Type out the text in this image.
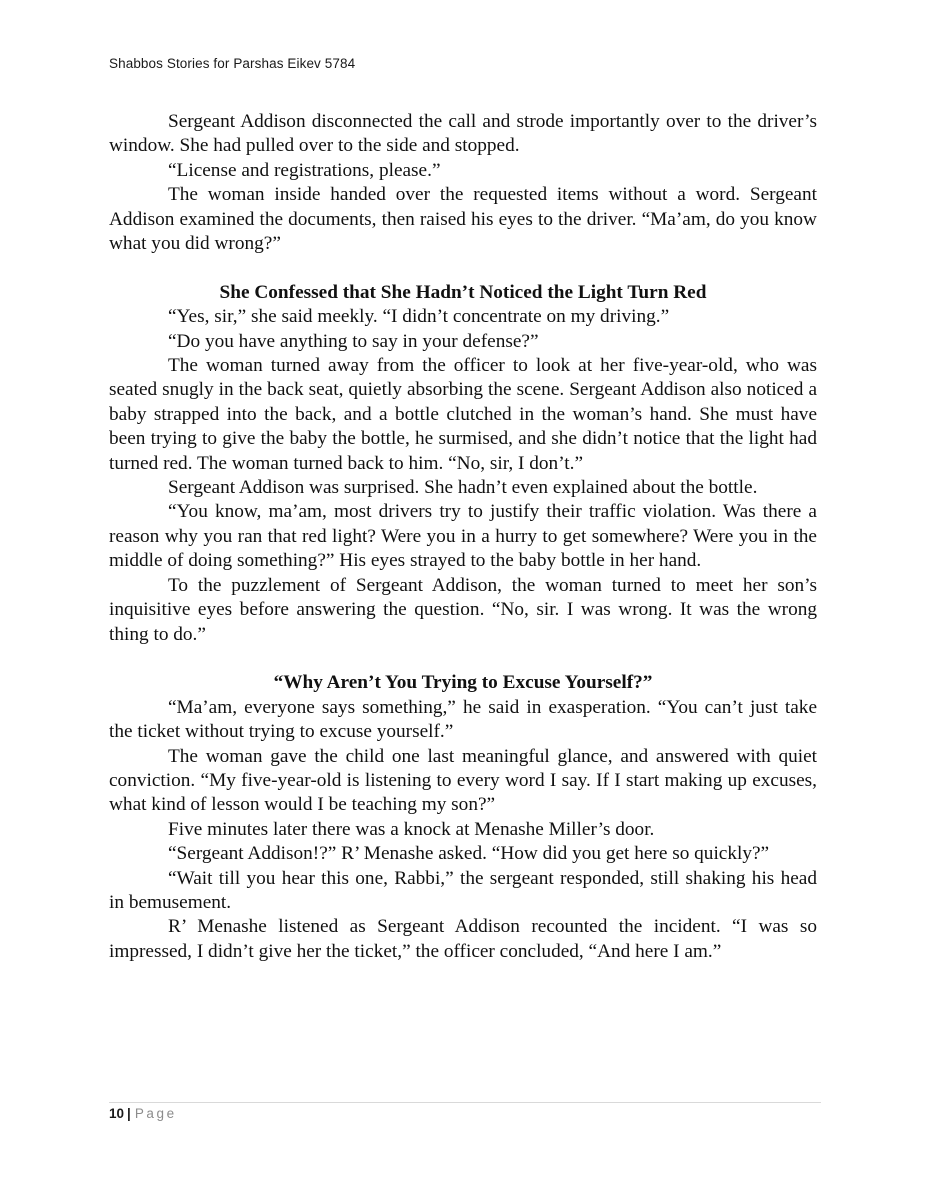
Shabbos Stories for Parshas Eikev 5784

Sergeant Addison disconnected the call and strode importantly over to the driver’s window. She had pulled over to the side and stopped.

“License and registrations, please.”

The woman inside handed over the requested items without a word. Sergeant Addison examined the documents, then raised his eyes to the driver. “Ma’am, do you know what you did wrong?”

She Confessed that She Hadn’t Noticed the Light Turn Red

“Yes, sir,” she said meekly. “I didn’t concentrate on my driving.”

“Do you have anything to say in your defense?”

The woman turned away from the officer to look at her five-year-old, who was seated snugly in the back seat, quietly absorbing the scene. Sergeant Addison also noticed a baby strapped into the back, and a bottle clutched in the woman’s hand. She must have been trying to give the baby the bottle, he surmised, and she didn’t notice that the light had turned red. The woman turned back to him. “No, sir, I don’t.”

Sergeant Addison was surprised. She hadn’t even explained about the bottle.

“You know, ma’am, most drivers try to justify their traffic violation. Was there a reason why you ran that red light? Were you in a hurry to get somewhere? Were you in the middle of doing something?” His eyes strayed to the baby bottle in her hand.

To the puzzlement of Sergeant Addison, the woman turned to meet her son’s inquisitive eyes before answering the question. “No, sir. I was wrong. It was the wrong thing to do.”

“Why Aren’t You Trying to Excuse Yourself?”

“Ma’am, everyone says something,” he said in exasperation. “You can’t just take the ticket without trying to excuse yourself.”

The woman gave the child one last meaningful glance, and answered with quiet conviction. “My five-year-old is listening to every word I say. If I start making up excuses, what kind of lesson would I be teaching my son?”

Five minutes later there was a knock at Menashe Miller’s door.

“Sergeant Addison!?” R’ Menashe asked. “How did you get here so quickly?”

“Wait till you hear this one, Rabbi,” the sergeant responded, still shaking his head in bemusement.

R’ Menashe listened as Sergeant Addison recounted the incident. “I was so impressed, I didn’t give her the ticket,” the officer concluded, “And here I am.”

10 | Page
